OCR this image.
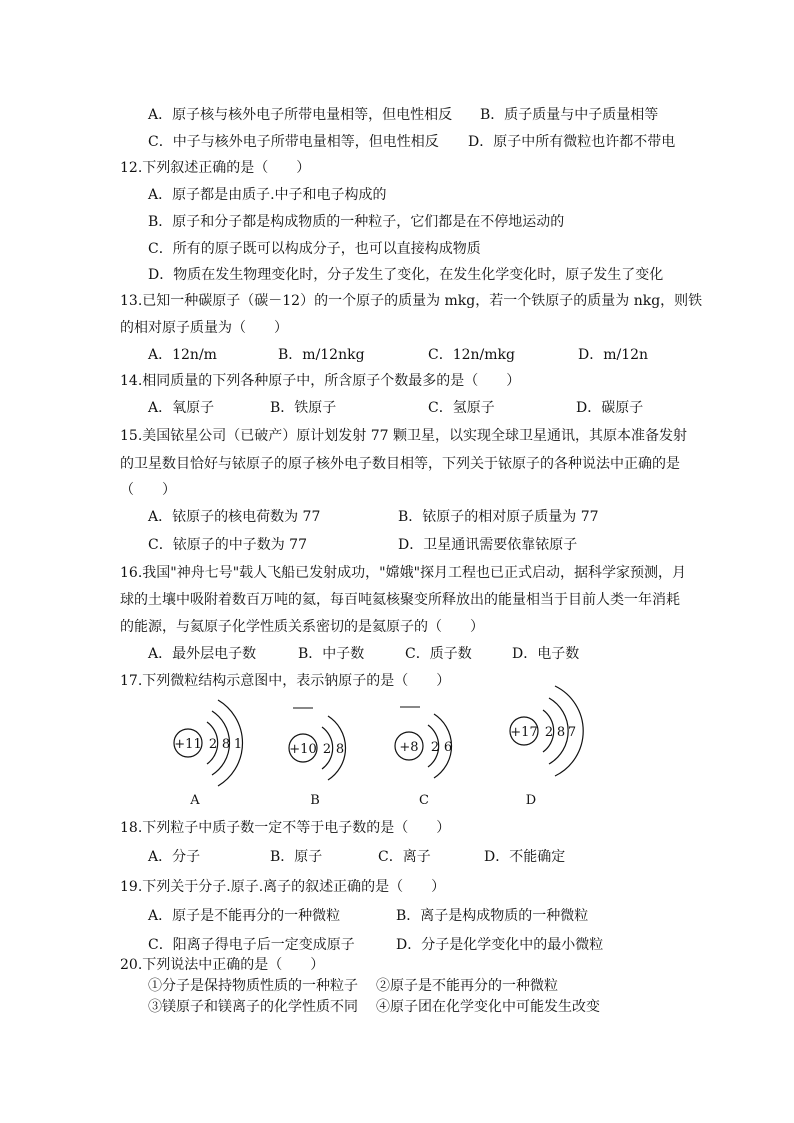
A．原子核与核外电子所带电量相等，但电性相反 B．质子质量与中子质量相等
C．中子与核外电子所带电量相等，但电性相反 D．原子中所有微粒也许都不带电
12.下列叙述正确的是（　　）
A．原子都是由质子.中子和电子构成的
B．原子和分子都是构成物质的一种粒子，它们都是在不停地运动的
C．所有的原子既可以构成分子，也可以直接构成物质
D．物质在发生物理变化时，分子发生了变化，在发生化学变化时，原子发生了变化
13.已知一种碳原子（碳－12）的一个原子的质量为 mkg，若一个铁原子的质量为 nkg，则铁
的相对原子质量为（　　）
A．12n/m	B．m/12nkg	C．12n/mkg	D．m/12n
14.相同质量的下列各种原子中，所含原子个数最多的是（　　）
A．氧原子	B．铁原子	C．氢原子	D．碳原子
15.美国铱星公司（已破产）原计划发射 77 颗卫星，以实现全球卫星通讯，其原本准备发射
的卫星数目恰好与铱原子的原子核外电子数目相等，下列关于铱原子的各种说法中正确的是
（　　）
A．铱原子的核电荷数为 77	B．铱原子的相对原子质量为 77
C．铱原子的中子数为 77	D．卫星通讯需要依靠铱原子
16.我国"神舟七号"载人飞船已发射成功，"嫦娥"探月工程也已正式启动，据科学家预测，月
球的土壤中吸附着数百万吨的氦，每百吨氦核聚变所释放出的能量相当于目前人类一年消耗
的能源，与氦原子化学性质关系密切的是氦原子的（　　）
A．最外层电子数	B．中子数	C．质子数	D．电子数
17.下列微粒结构示意图中，表示钠原子的是（　　）
+11 2 8 1
A
+10 2 8
B
+8 2 6
C
+17 2 8 7
D
18.下列粒子中质子数一定不等于电子数的是（　　）
A．分子	B．原子	C．离子	D．不能确定
19.下列关于分子.原子.离子的叙述正确的是（　　）
A．原子是不能再分的一种微粒	B．离子是构成物质的一种微粒
C．阳离子得电子后一定变成原子	D．分子是化学变化中的最小微粒
20.下列说法中正确的是（　　）
①分子是保持物质性质的一种粒子 ②原子是不能再分的一种微粒
③镁原子和镁离子的化学性质不同 ④原子团在化学变化中可能发生改变
